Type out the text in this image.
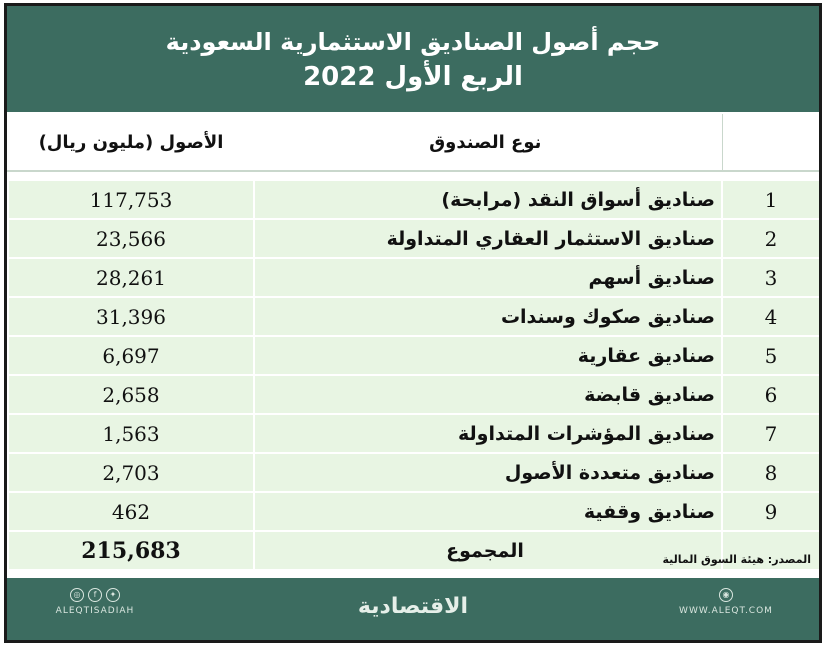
حجم أصول الصناديق الاستثمارية السعودية
الربع الأول 2022
الأصول (مليون ريال)	نوع الصندوق	

117,753	صناديق أسواق النقد (مرابحة)	1
23,566	صناديق الاستثمار العقاري المتداولة	2
28,261	صناديق أسهم	3
31,396	صناديق صكوك وسندات	4
6,697	صناديق عقارية	5
2,658	صناديق قابضة	6
1,563	صناديق المؤشرات المتداولة	7
2,703	صناديق متعددة الأصول	8
462	صناديق وقفية	9
215,683	المجموع		المصدر: هيئة السوق المالية
◎	f	✦
ALEQTISADIAH	الاقتصادية	◉
WWW.ALEQT.COM
